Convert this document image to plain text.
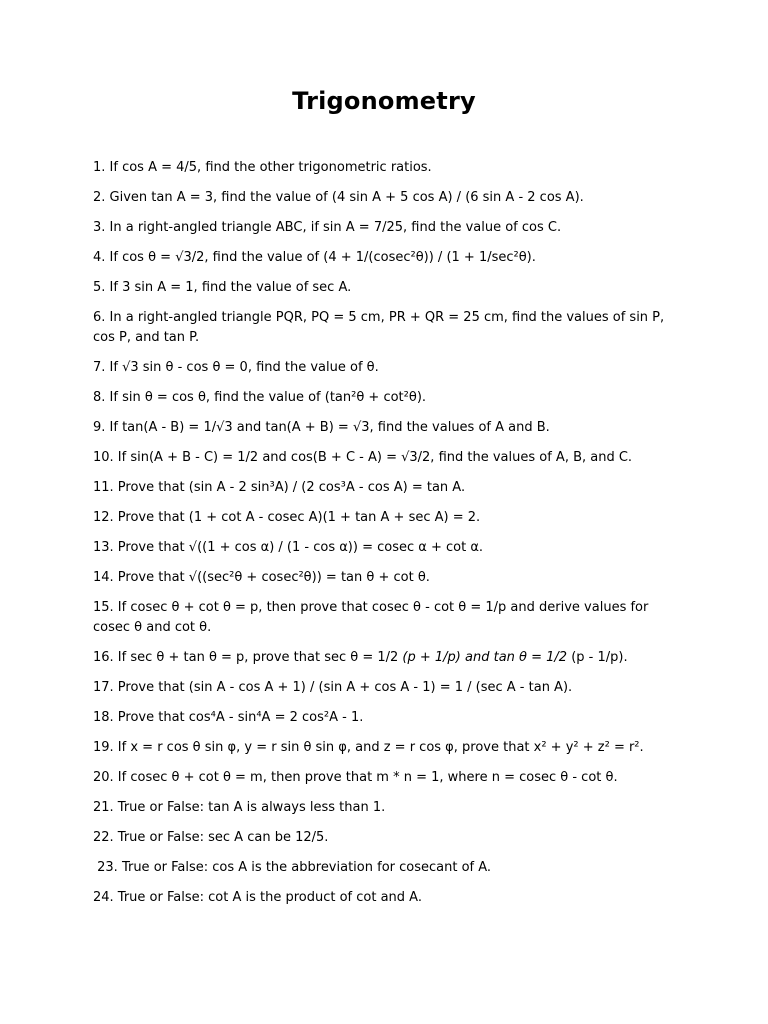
Trigonometry
1. If cos A = 4/5, find the other trigonometric ratios.
2. Given tan A = 3, find the value of (4 sin A + 5 cos A) / (6 sin A - 2 cos A).
3. In a right-angled triangle ABC, if sin A = 7/25, find the value of cos C.
4. If cos θ = √3/2, find the value of (4 + 1/(cosec²θ)) / (1 + 1/sec²θ).
5. If 3 sin A = 1, find the value of sec A.
6. In a right-angled triangle PQR, PQ = 5 cm, PR + QR = 25 cm, find the values of sin P, cos P, and tan P.
7. If √3 sin θ - cos θ = 0, find the value of θ.
8. If sin θ = cos θ, find the value of (tan²θ + cot²θ).
9. If tan(A - B) = 1/√3 and tan(A + B) = √3, find the values of A and B.
10. If sin(A + B - C) = 1/2 and cos(B + C - A) = √3/2, find the values of A, B, and C.
11. Prove that (sin A - 2 sin³A) / (2 cos³A - cos A) = tan A.
12. Prove that (1 + cot A - cosec A)(1 + tan A + sec A) = 2.
13. Prove that √((1 + cos α) / (1 - cos α)) = cosec α + cot α.
14. Prove that √((sec²θ + cosec²θ)) = tan θ + cot θ.
15. If cosec θ + cot θ = p, then prove that cosec θ - cot θ = 1/p and derive values for cosec θ and cot θ.
16. If sec θ + tan θ = p, prove that sec θ = 1/2 (p + 1/p) and tan θ = 1/2 (p - 1/p).
17. Prove that (sin A - cos A + 1) / (sin A + cos A - 1) = 1 / (sec A - tan A).
18. Prove that cos⁴A - sin⁴A = 2 cos²A - 1.
19. If x = r cos θ sin φ, y = r sin θ sin φ, and z = r cos φ, prove that x² + y² + z² = r².
20. If cosec θ + cot θ = m, then prove that m * n = 1, where n = cosec θ - cot θ.
21. True or False: tan A is always less than 1.
22. True or False: sec A can be 12/5.
23. True or False: cos A is the abbreviation for cosecant of A.
24. True or False: cot A is the product of cot and A.
